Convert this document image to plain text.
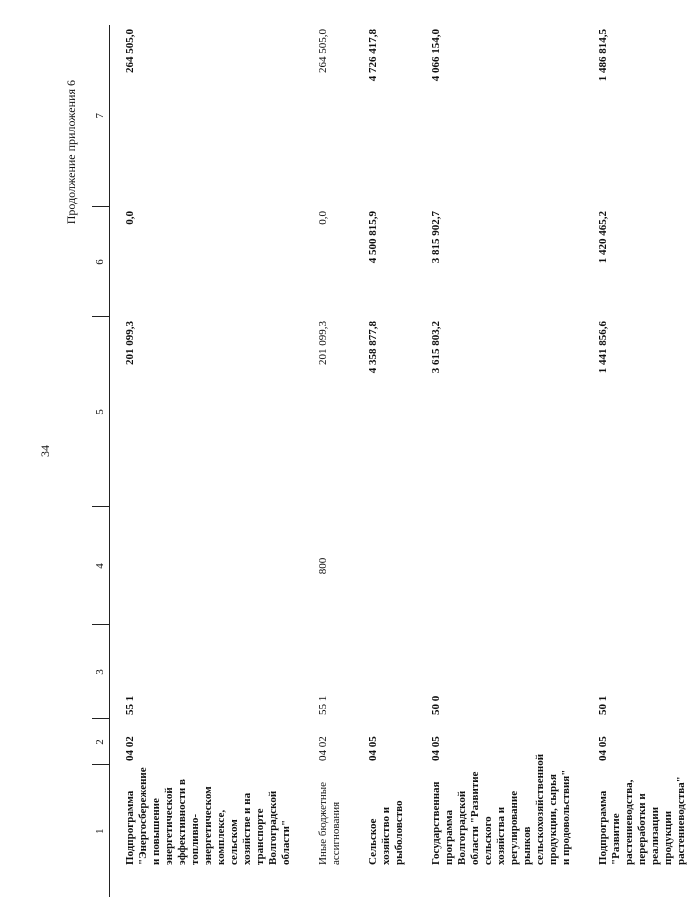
34
Продолжение приложения 6
1	2	3	4	5	6	7
Подпрограмма "Энергосбережение и повышение энергетической эффективности в топливно-энергетическом комплексе, сельском хозяйстве и на транспорте Волгоградской области"	04 02	55 1		201 099,3	0,0	264 505,0
Иные бюджетные ассигнования	04 02	55 1	800	201 099,3	0,0	264 505,0
Сельское хозяйство и рыболовство	04 05			4 358 877,8	4 500 815,9	4 726 417,8
Государственная программа Волгоградской области "Развитие сельского хозяйства и регулирование рынков сельскохозяйственной продукции, сырья и продовольствия"	04 05	50 0		3 615 803,2	3 815 902,7	4 066 154,0
Подпрограмма "Развитие растениеводства, переработки и реализации продукции растениеводства"	04 05	50 1		1 441 856,6	1 420 465,2	1 486 814,5
